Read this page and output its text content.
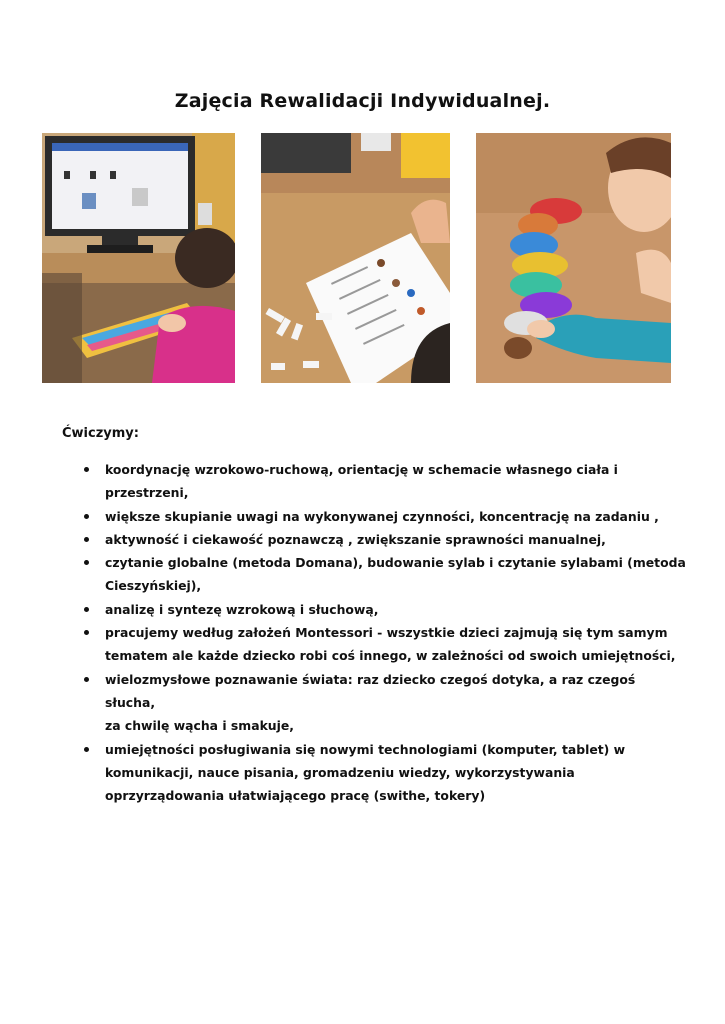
Zajęcia Rewalidacji Indywidualnej.
Ćwiczymy:
koordynację wzrokowo-ruchową, orientację w schemacie własnego ciała i
przestrzeni,
większe skupianie uwagi na wykonywanej czynności, koncentrację na zadaniu ,
aktywność i ciekawość poznawczą , zwiększanie sprawności manualnej,
czytanie globalne (metoda Domana), budowanie sylab i czytanie sylabami (metoda
Cieszyńskiej),
analizę i syntezę wzrokową i słuchową,
pracujemy według założeń Montessori - wszystkie dzieci zajmują się tym samym
tematem ale każde dziecko robi coś innego, w zależności od swoich umiejętności,
wielozmysłowe poznawanie świata: raz dziecko czegoś dotyka, a raz czegoś
słucha,
za chwilę wącha i smakuje,
umiejętności posługiwania się nowymi technologiami (komputer, tablet) w
komunikacji, nauce pisania, gromadzeniu wiedzy, wykorzystywania
oprzyrządowania ułatwiającego pracę (swithe, tokery)
